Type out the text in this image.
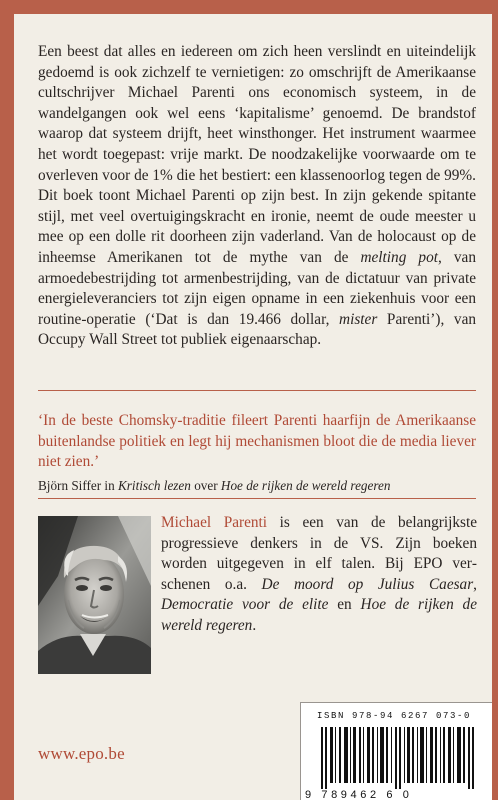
Een beest dat alles en iedereen om zich heen verslindt en uiteindelijk gedoemd is ook zichzelf te vernietigen: zo omschrijft de Amerikaanse cultschrijver Michael Parenti ons economisch systeem, in de wandelgangen ook wel eens ‘kapitalisme’ genoemd. De brandstof waarop dat systeem drijft, heet winsthonger. Het instrument waarmee het wordt toegepast: vrije markt. De noodzakelijke voorwaarde om te overleven voor de 1% die het bestiert: een klassenoorlog tegen de 99%. Dit boek toont Michael Parenti op zijn best. In zijn gekende spitante stijl, met veel overtuigingskracht en ironie, neemt de oude meester u mee op een dolle rit doorheen zijn vaderland. Van de holocaust op de inheemse Amerikanen tot de mythe van de melting pot, van armoedebestrijding tot armenbestrijding, van de dictatuur van private energieleveranciers tot zijn eigen opname in een ziekenhuis voor een routine-operatie (‘Dat is dan 19.466 dollar, mister Parenti’), van Occupy Wall Street tot publiek eigenaarschap.

‘In de beste Chomsky-traditie fileert Parenti haarfijn de Amerikaanse buitenlandse politiek en legt hij mechanismen bloot die de media liever niet zien.’

Björn Siffer in Kritisch lezen over Hoe de rijken de wereld regeren

Michael Parenti is een van de belangrijkste progressieve denkers in de VS. Zijn boeken worden uitgegeven in elf talen. Bij EPO verschenen o.a. De moord op Julius Caesar, Democratie voor de elite en Hoe de rijken de wereld regeren.

www.epo.be
ISBN 978-94 6267 073-0
9 789462 6 0
